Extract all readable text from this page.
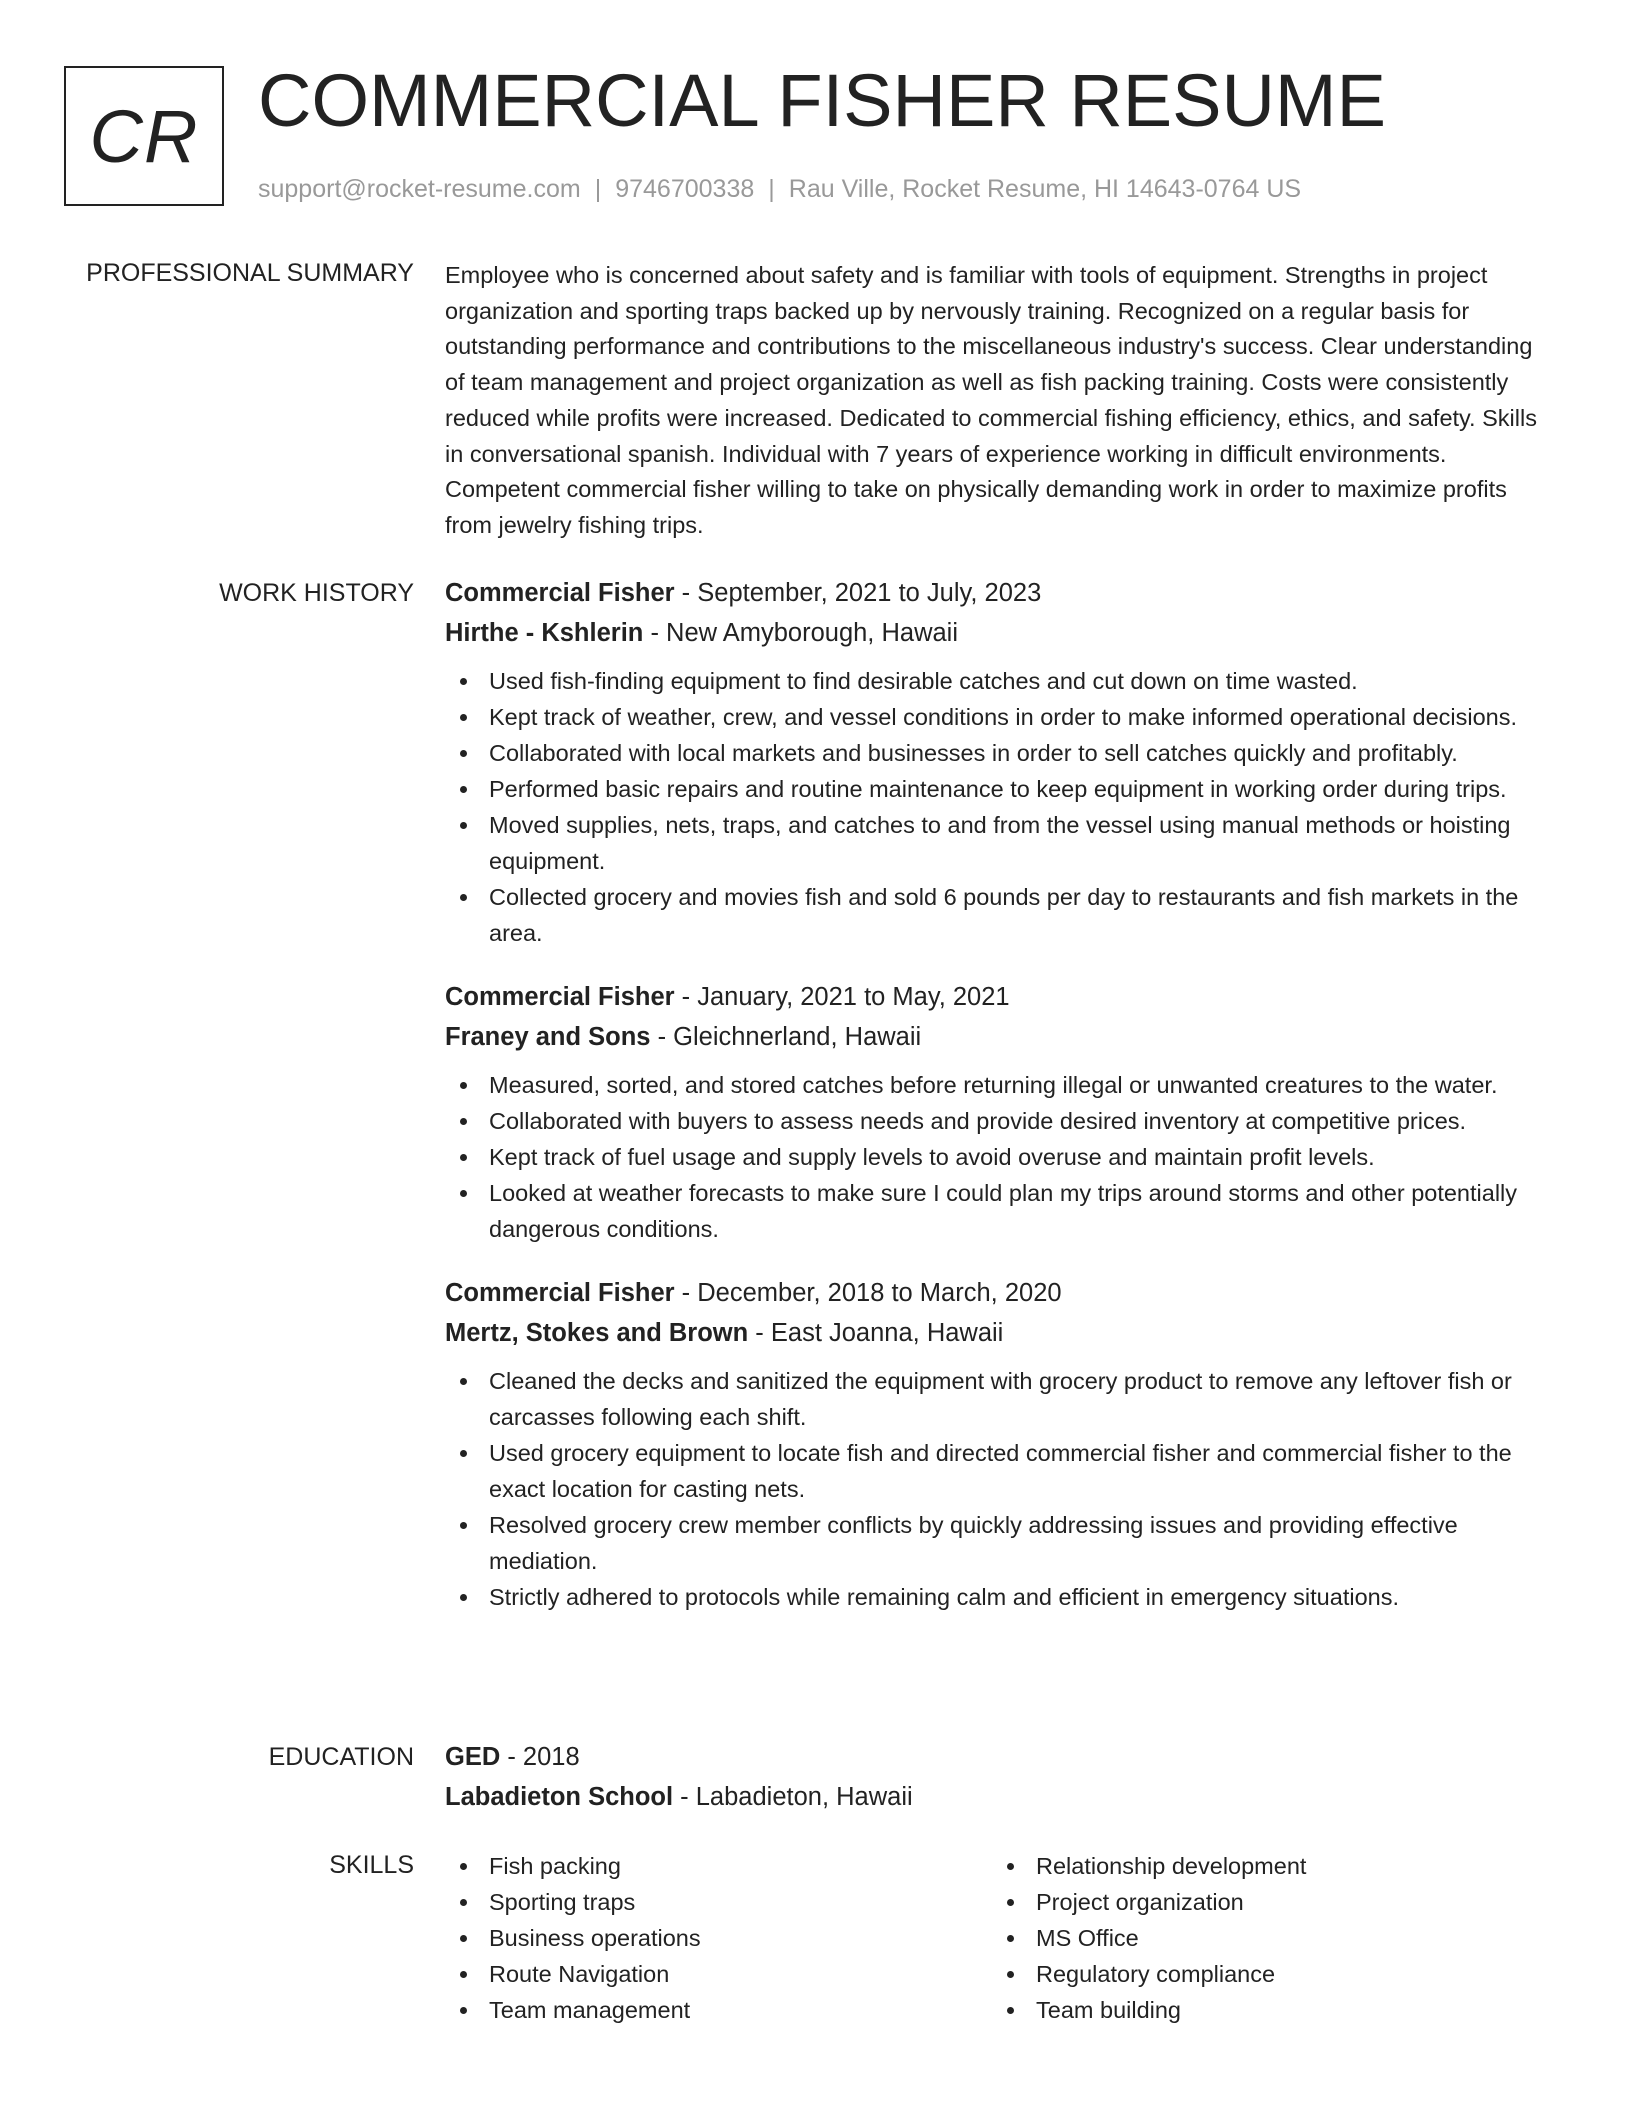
CR COMMERCIAL FISHER RESUME
support@rocket-resume.com | 9746700338 | Rau Ville, Rocket Resume, HI 14643-0764 US
PROFESSIONAL SUMMARY Employee who is concerned about safety and is familiar with tools of equipment. Strengths in project organization and sporting traps backed up by nervously training. Recognized on a regular basis for outstanding performance and contributions to the miscellaneous industry's success. Clear understanding of team management and project organization as well as fish packing training. Costs were consistently reduced while profits were increased. Dedicated to commercial fishing efficiency, ethics, and safety. Skills in conversational spanish. Individual with 7 years of experience working in difficult environments. Competent commercial fisher willing to take on physically demanding work in order to maximize profits from jewelry fishing trips.

WORK HISTORY Commercial Fisher - September, 2021 to July, 2023

Hirthe - Kshlerin - New Amyborough, Hawaii

Used fish-finding equipment to find desirable catches and cut down on time wasted.
Kept track of weather, crew, and vessel conditions in order to make informed operational decisions.
Collaborated with local markets and businesses in order to sell catches quickly and profitably.
Performed basic repairs and routine maintenance to keep equipment in working order during trips.
Moved supplies, nets, traps, and catches to and from the vessel using manual methods or hoisting equipment.
Collected grocery and movies fish and sold 6 pounds per day to restaurants and fish markets in the area.

Commercial Fisher - January, 2021 to May, 2021

Franey and Sons - Gleichnerland, Hawaii

Measured, sorted, and stored catches before returning illegal or unwanted creatures to the water.
Collaborated with buyers to assess needs and provide desired inventory at competitive prices.
Kept track of fuel usage and supply levels to avoid overuse and maintain profit levels.
Looked at weather forecasts to make sure I could plan my trips around storms and other potentially dangerous conditions.

Commercial Fisher - December, 2018 to March, 2020

Mertz, Stokes and Brown - East Joanna, Hawaii

Cleaned the decks and sanitized the equipment with grocery product to remove any leftover fish or carcasses following each shift.
Used grocery equipment to locate fish and directed commercial fisher and commercial fisher to the exact location for casting nets.
Resolved grocery crew member conflicts by quickly addressing issues and providing effective mediation.
Strictly adhered to protocols while remaining calm and efficient in emergency situations.
EDUCATION GED - 2018

Labadieton School - Labadieton, Hawaii

SKILLS	Fish packing
Sporting traps
Business operations
Route Navigation
Team management
Relationship development
Project organization
MS Office
Regulatory compliance
Team building
